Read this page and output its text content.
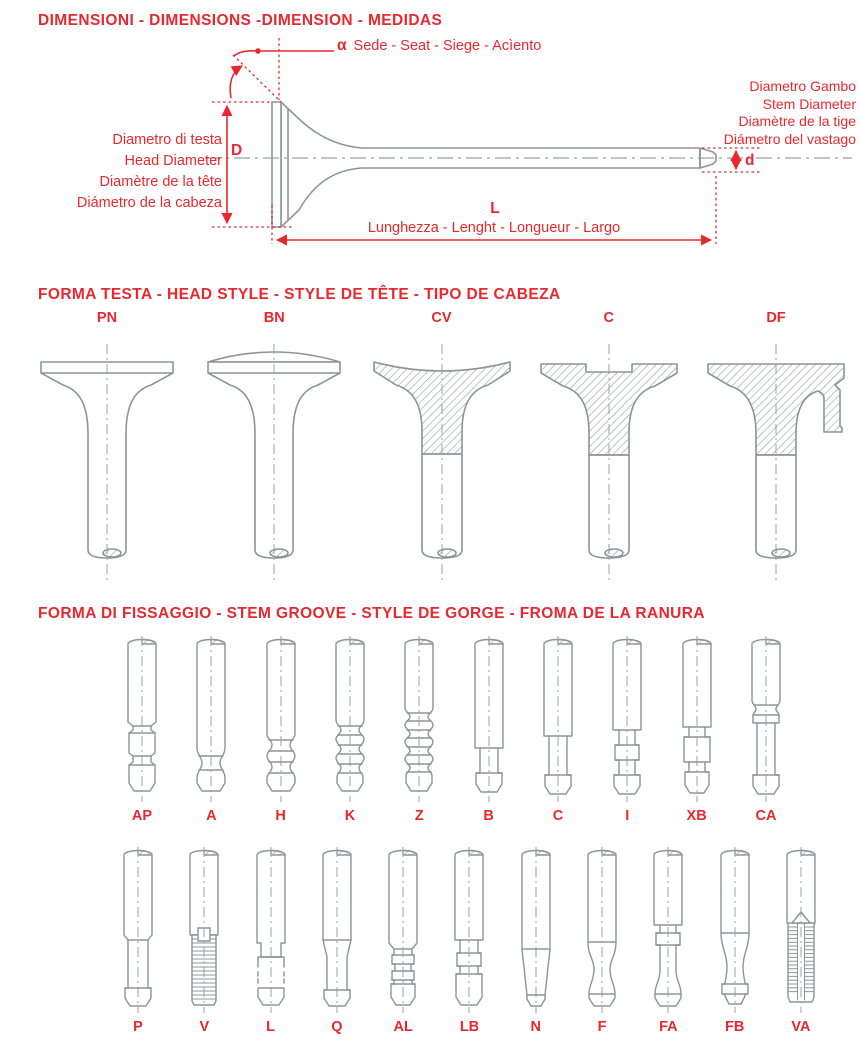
DIMENSIONI - DIMENSIONS -DIMENSION - MEDIDAS
α Sede - Seat - Siege - Acìento
Diametro di testa
Head Diameter
Diamètre de la tête
Diámetro de la cabeza
D
Diametro Gambo
Stem Diameter
Diamètre de la tige
Diámetro del vastago
d
L
Lunghezza - Lenght - Longueur - Largo
FORMA TESTA - HEAD STYLE - STYLE DE TÊTE - TIPO DE CABEZA
PN	BN	CV	C	DF
FORMA DI FISSAGGIO - STEM GROOVE - STYLE DE GORGE - FROMA DE LA RANURA
AP	A	H	K	Z	B	C	I	XB	CA
P	V	L	Q	AL	LB	N	F	FA	FB	VA
